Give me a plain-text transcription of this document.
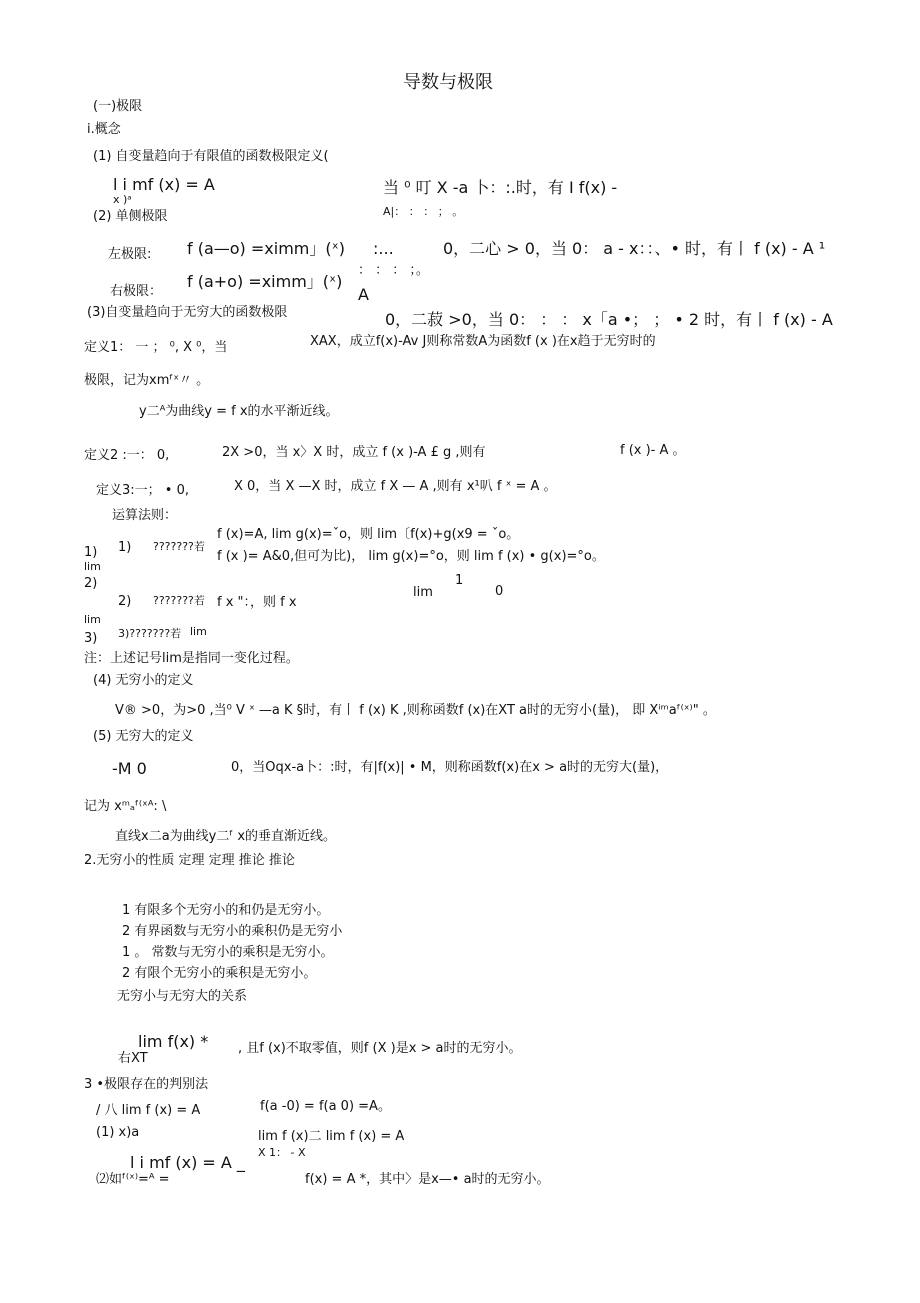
导数与极限
(一)极限
i.概念
(1) 自变量趋向于有限值的函数极限定义(
l i mf (x) = A
x )ᵃ
当 ⁰ 叮 X -a 卜：:.时，有 I f(x) -
A|： ： ： ； 。
(2) 单侧极限
左极限: f (a—o) =ximm」(ˣ) :...	0，二心 > 0，当 0： a - x：：、• 时，有丨 f (x) - A ¹
： ： ： ；。
f (a+o) =ximm」(ˣ)
右极限：	A
(3)自变量趋向于无穷大的函数极限	0，二菽 >0，当 0： ： ： x「a •； ； • 2 时，有丨 f (x) - A
定义1： 一 ； ⁰, X ⁰，当	XAX，成立f(x)-Av J则称常数A为函数f (x )在x趋于无穷时的
极限，记为xmᶠˣ〃 。
y二ᴬ为曲线y = f x的水平渐近线。
定义2 :一： 0,	2X >0，当 x〉X 时，成立 f (x )-A £ g ,则有	f (x )- A 。
定义3:一； • 0,	X 0，当 X —X 时，成立 f X — A ,则有 x¹叭 f ˣ = A 。
运算法则：
f (x)=A, lim g(x)=ˇo，则 lim〔f(x)+g(x9 = ˇo。
1)
lim
1) ???????若
f (x )= A&0,但可为比)， lim g(x)=°o，则 lim f (x) • g(x)=°o。
2)	1
lim	0
2) ???????若 f x "：，则 f x
lim
3) 3)???????若 lim
注：上述记号lim是指同一变化过程。
(4) 无穷小的定义
V® >0，为>0 ,当⁰ V ˣ —a K §时，有丨 f (x) K ,则称函数f (x)在XT a时的无穷小(量)， 即 Xⁱᵐaᶠ⁽ˣ⁾" 。
(5) 无穷大的定义
-M 0	0，当Oqx-a卜：:时，有|f(x)| • M，则称函数f(x)在x > a时的无穷大(量)，
记为 xᵐₐᶠ⁽ˣᴬ: \
直线x二a为曲线y二ᶠ x的垂直渐近线。
2.无穷小的性质 定理 定理 推论 推论
1 有限多个无穷小的和仍是无穷小。
2 有界函数与无穷小的乘积仍是无穷小
1 。 常数与无穷小的乘积是无穷小。
2 有限个无穷小的乘积是无穷小。
无穷小与无穷大的关系
lim f(x) *
右XT
, 且f (x)不取零值，则f (X )是x > a时的无穷小。
3 •极限存在的判别法
/ 八 lim f (x) = A	f(a -0) = f(a 0) =A。
(1) x)a	lim f (x)二 lim f (x) = A
X 1： - X
l i mf (x) = A _
⑵如ᶠ⁽ˣ⁾=ᴬ =	f(x) = A *，其中〉是x—• a时的无穷小。
